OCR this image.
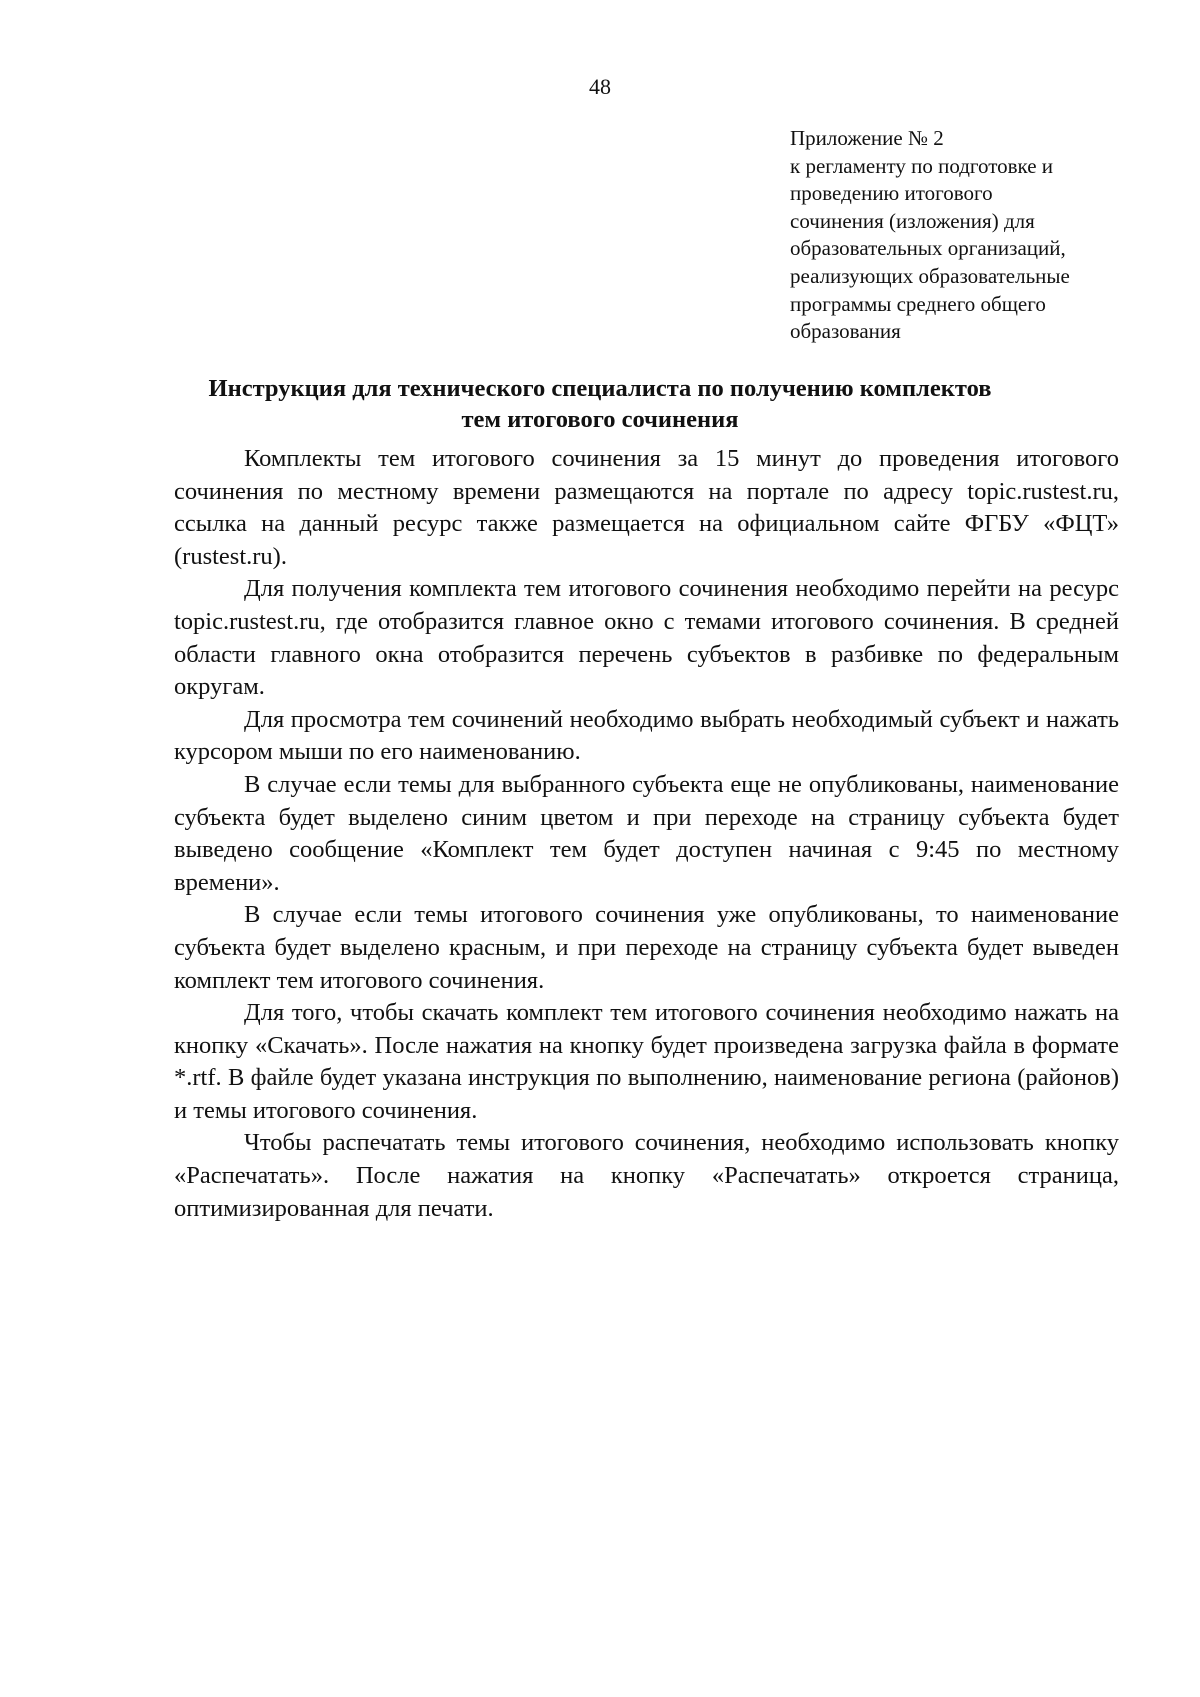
48
Приложение № 2
к регламенту по подготовке и
проведению итогового
сочинения (изложения) для
образовательных организаций,
реализующих образовательные
программы среднего общего
образования
Инструкция для технического специалиста по получению комплектов
тем итогового сочинения

Комплекты тем итогового сочинения за 15 минут до проведения итогового сочинения по местному времени размещаются на портале по адресу topic.rustest.ru, ссылка на данный ресурс также размещается на официальном сайте ФГБУ «ФЦТ» (rustest.ru).

Для получения комплекта тем итогового сочинения необходимо перейти на ресурс topic.rustest.ru, где отобразится главное окно с темами итогового сочинения. В средней области главного окна отобразится перечень субъектов в разбивке по федеральным округам.

Для просмотра тем сочинений необходимо выбрать необходимый субъект и нажать курсором мыши по его наименованию.

В случае если темы для выбранного субъекта еще не опубликованы, наименование субъекта будет выделено синим цветом и при переходе на страницу субъекта будет выведено сообщение «Комплект тем будет доступен начиная с 9:45 по местному времени».

В случае если темы итогового сочинения уже опубликованы, то наименование субъекта будет выделено красным, и при переходе на страницу субъекта будет выведен комплект тем итогового сочинения.

Для того, чтобы скачать комплект тем итогового сочинения необходимо нажать на кнопку «Скачать». После нажатия на кнопку будет произведена загрузка файла в формате *.rtf. В файле будет указана инструкция по выполнению, наименование региона (районов) и темы итогового сочинения.

Чтобы распечатать темы итогового сочинения, необходимо использовать кнопку «Распечатать». После нажатия на кнопку «Распечатать» откроется страница, оптимизированная для печати.
